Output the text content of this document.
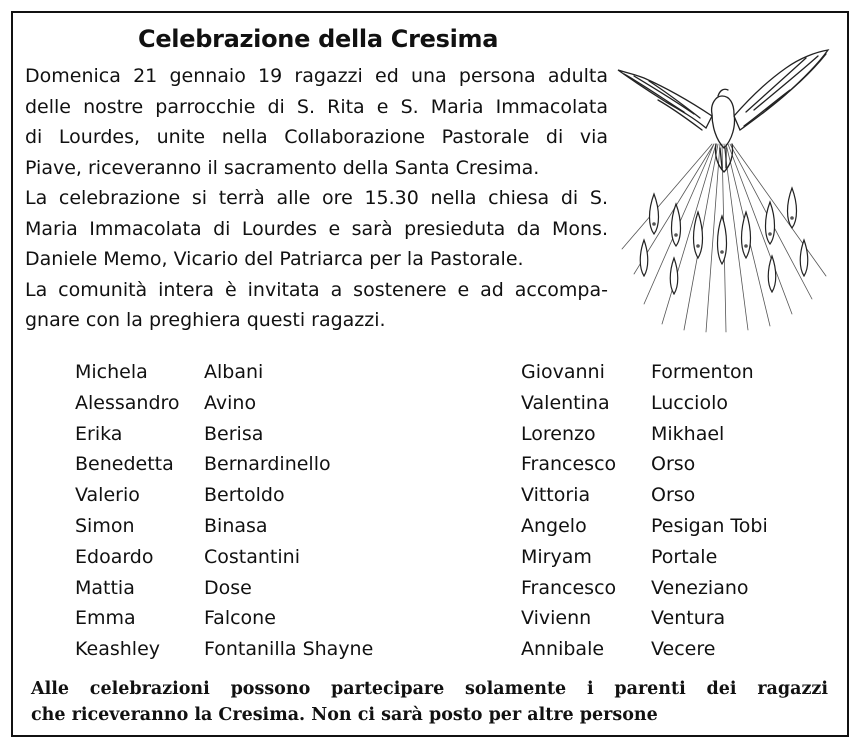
Celebrazione della Cresima
Domenica 21 gennaio 19 ragazzi ed una persona adulta
delle nostre parrocchie di S. Rita e S. Maria Immacolata
di Lourdes, unite nella Collaborazione Pastorale di via
Piave, riceveranno il sacramento della Santa Cresima.
La celebrazione si terrà alle ore 15.30 nella chiesa di S.
Maria Immacolata di Lourdes e sarà presieduta da Mons.
Daniele Memo, Vicario del Patriarca per la Pastorale.
La comunità intera è invitata a sostenere e ad accompa-
gnare con la preghiera questi ragazzi.
Michela	Albani
Alessandro Avino
Erika	Berisa
Benedetta Bernardinello
Valerio	Bertoldo
Simon	Binasa
Edoardo	Costantini
Mattia	Dose
Emma	Falcone
Keashley Fontanilla Shayne
Giovanni Formenton
Valentina Lucciolo
Lorenzo	Mikhael
Francesco Orso
Vittoria	Orso
Angelo	Pesigan Tobi
Miryam	Portale
Francesco Veneziano
Vivienn	Ventura
Annibale Vecere
Alle celebrazioni possono partecipare solamente i parenti dei ragazzi
che riceveranno la Cresima. Non ci sarà posto per altre persone
